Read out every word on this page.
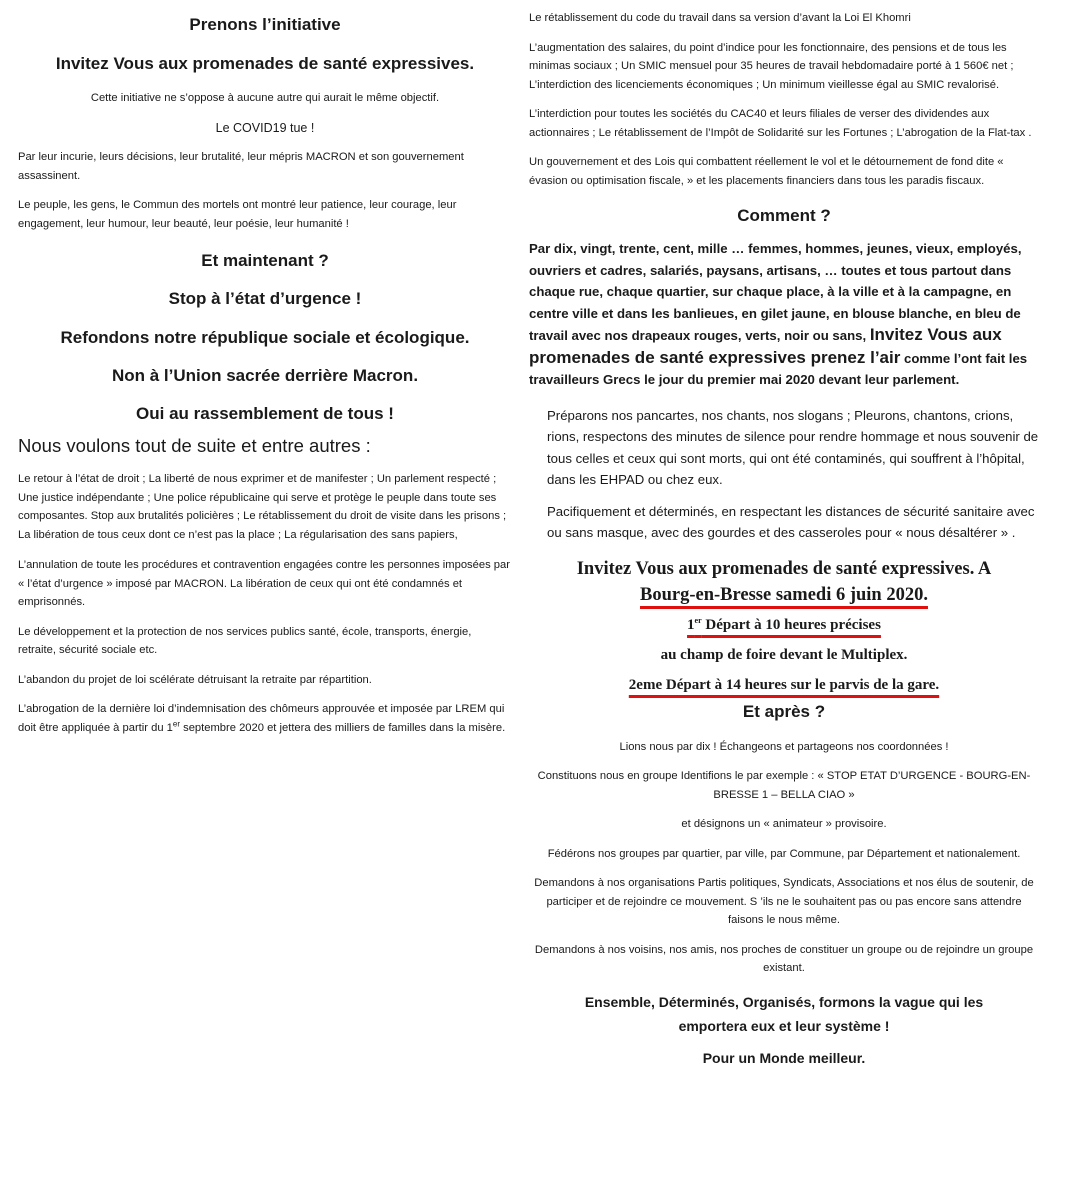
Prenons l’initiative

Invitez Vous aux promenades de santé expressives.

Cette initiative ne s’oppose à aucune autre qui aurait le même objectif.

Le COVID19 tue !

Par leur incurie, leurs décisions, leur brutalité, leur mépris MACRON et son gouvernement assassinent.

Le peuple, les gens, le Commun des mortels ont montré leur patience, leur courage, leur engagement, leur humour, leur beauté, leur poésie, leur humanité !

Et maintenant ?

Stop à l’état d’urgence !

Refondons notre république sociale et écologique.

Non à l’Union sacrée derrière Macron.

Oui au rassemblement de tous !

Nous voulons tout de suite et entre autres :

Le retour à l’état de droit ; La liberté de nous exprimer et de manifester ; Un parlement respecté ; Une justice indépendante ; Une police républicaine qui serve et protège le peuple dans toute ses composantes. Stop aux brutalités policières ; Le rétablissement du droit de visite dans les prisons ; La libération de tous ceux dont ce n’est pas la place ; La régularisation des sans papiers,

L’annulation de toute les procédures et contravention engagées contre les personnes imposées par « l’état d’urgence » imposé par MACRON. La libération de ceux qui ont été condamnés et emprisonnés.

Le développement et la protection de nos services publics santé, école, transports, énergie, retraite, sécurité sociale etc.

L’abandon du projet de loi scélérate détruisant la retraite par répartition.

L’abrogation de la dernière loi d’indemnisation des chômeurs approuvée et imposée par LREM qui doit être appliquée à partir du 1er septembre 2020 et jettera des milliers de familles dans la misère.

Le rétablissement du code du travail dans sa version d’avant la Loi El Khomri

L’augmentation des salaires, du point d’indice pour les fonctionnaire, des pensions et de tous les minimas sociaux ; Un SMIC mensuel pour 35 heures de travail hebdomadaire porté à 1 560€ net ; L’interdiction des licenciements économiques ; Un minimum vieillesse égal au SMIC revalorisé.

L’interdiction pour toutes les sociétés du CAC40 et leurs filiales de verser des dividendes aux actionnaires ; Le rétablissement de l’Impôt de Solidarité sur les Fortunes ; L’abrogation de la Flat-tax .

Un gouvernement et des Lois qui combattent réellement le vol et le détournement de fond dite « évasion ou optimisation fiscale, » et les placements financiers dans tous les paradis fiscaux.

Comment ?

Par dix, vingt, trente, cent, mille … femmes, hommes, jeunes, vieux, employés, ouvriers et cadres, salariés, paysans, artisans, … toutes et tous partout dans chaque rue, chaque quartier, sur chaque place, à la ville et à la campagne, en centre ville et dans les banlieues, en gilet jaune, en blouse blanche, en bleu de travail avec nos drapeaux rouges, verts, noir ou sans, Invitez Vous aux promenades de santé expressives prenez l’air comme l’ont fait les travailleurs Grecs le jour du premier mai 2020 devant leur parlement.

Préparons nos pancartes, nos chants, nos slogans ; Pleurons, chantons, crions, rions, respectons des minutes de silence pour rendre hommage et nous souvenir de tous celles et ceux qui sont morts, qui ont été contaminés, qui souffrent à l’hôpital, dans les EHPAD ou chez eux.

Pacifiquement et déterminés, en respectant les distances de sécurité sanitaire avec ou sans masque, avec des gourdes et des casseroles pour « nous désaltérer » .

Invitez Vous aux promenades de santé expressives. A

Bourg-en-Bresse samedi 6 juin 2020.

1er Départ à 10 heures précises

au champ de foire devant le Multiplex.

2eme Départ à 14 heures sur le parvis de la gare.

Et après ?

Lions nous par dix ! Échangeons et partageons nos coordonnées !

Constituons nous en groupe Identifions le par exemple : « STOP ETAT D’URGENCE - BOURG-EN-BRESSE 1 – BELLA CIAO »

et désignons un « animateur » provisoire.

Fédérons nos groupes par quartier, par ville, par Commune, par Département et nationalement.

Demandons à nos organisations Partis politiques, Syndicats, Associations et nos élus de soutenir, de participer et de rejoindre ce mouvement. S ’ils ne le souhaitent pas ou pas encore sans attendre faisons le nous même.

Demandons à nos voisins, nos amis, nos proches de constituer un groupe ou de rejoindre un groupe existant.

Ensemble, Déterminés, Organisés, formons la vague qui les emportera eux et leur système !

Pour un Monde meilleur.
